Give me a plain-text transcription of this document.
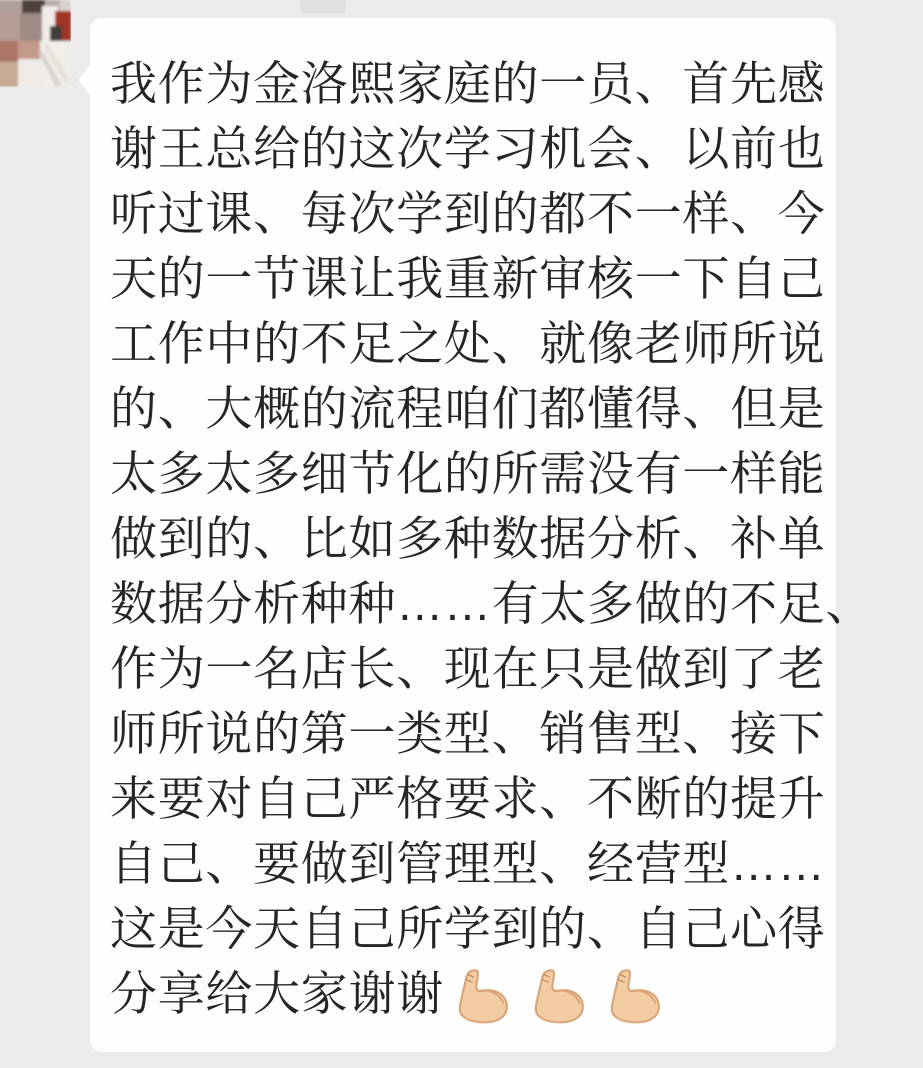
我作为金洛熙家庭的一员、首先感
谢王总给的这次学习机会、以前也
听过课、每次学到的都不一样、今
天的一节课让我重新审核一下自己
工作中的不足之处、就像老师所说
的、大概的流程咱们都懂得、但是
太多太多细节化的所需没有一样能
做到的、比如多种数据分析、补单
数据分析种种……有太多做的不足、
作为一名店长、现在只是做到了老
师所说的第一类型、销售型、接下
来要对自己严格要求、不断的提升
自己、要做到管理型、经营型……
这是今天自己所学到的、自己心得
分享给大家谢谢
